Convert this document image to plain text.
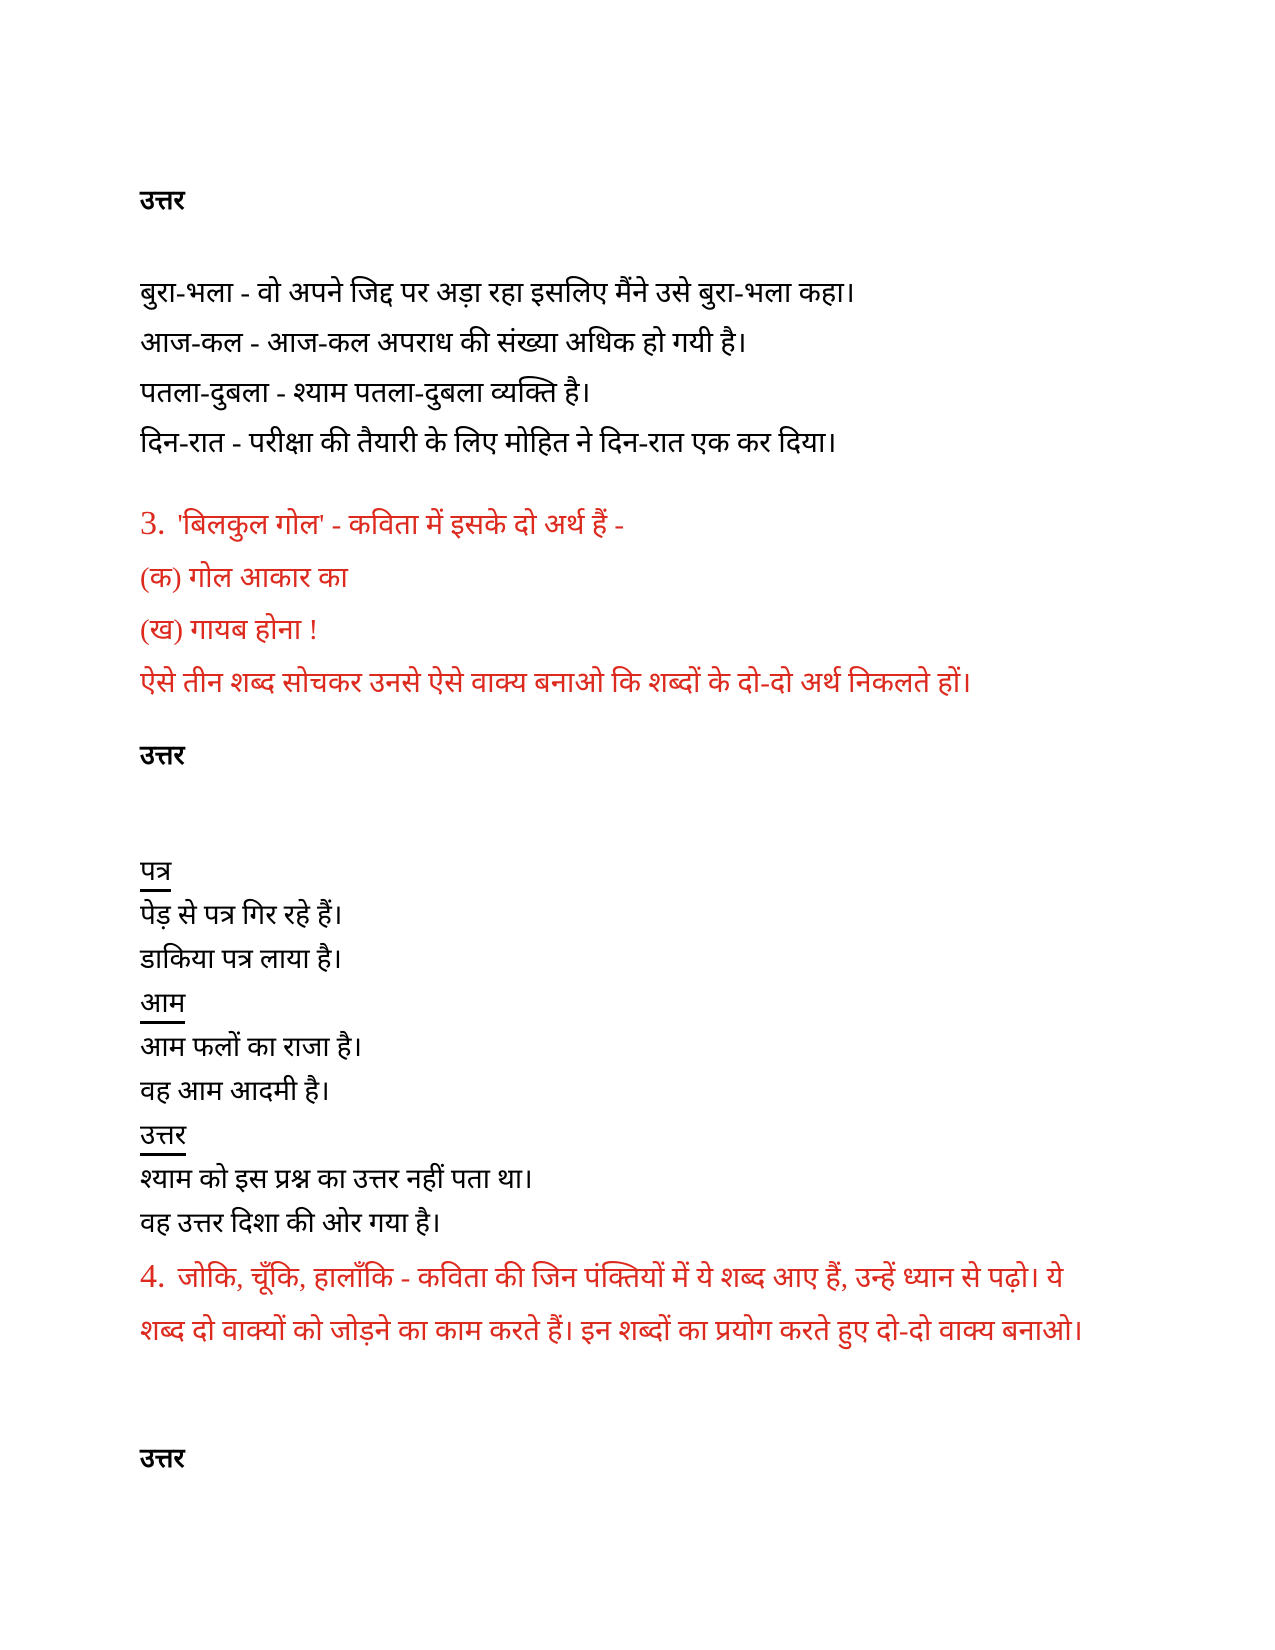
उत्तर
बुरा-भला - वो अपने जिद्द पर अड़ा रहा इसलिए मैंने उसे बुरा-भला कहा।
आज-कल - आज-कल अपराध की संख्या अधिक हो गयी है।
पतला-दुबला - श्याम पतला-दुबला व्यक्ति है।
दिन-रात - परीक्षा की तैयारी के लिए मोहित ने दिन-रात एक कर दिया।
3. 'बिलकुल गोल' - कविता में इसके दो अर्थ हैं -
(क) गोल आकार का
(ख) गायब होना !
ऐसे तीन शब्द सोचकर उनसे ऐसे वाक्य बनाओ कि शब्दों के दो-दो अर्थ निकलते हों।
उत्तर
पत्र
पेड़ से पत्र गिर रहे हैं।
डाकिया पत्र लाया है।
आम
आम फलों का राजा है।
वह आम आदमी है।
उत्तर
श्याम को इस प्रश्न का उत्तर नहीं पता था।
वह उत्तर दिशा की ओर गया है।
4. जोकि, चूँकि, हालाँकि - कविता की जिन पंक्तियों में ये शब्द आए हैं, उन्हें ध्यान से पढ़ो। ये
शब्द दो वाक्यों को जोड़ने का काम करते हैं। इन शब्दों का प्रयोग करते हुए दो-दो वाक्य बनाओ।
उत्तर
